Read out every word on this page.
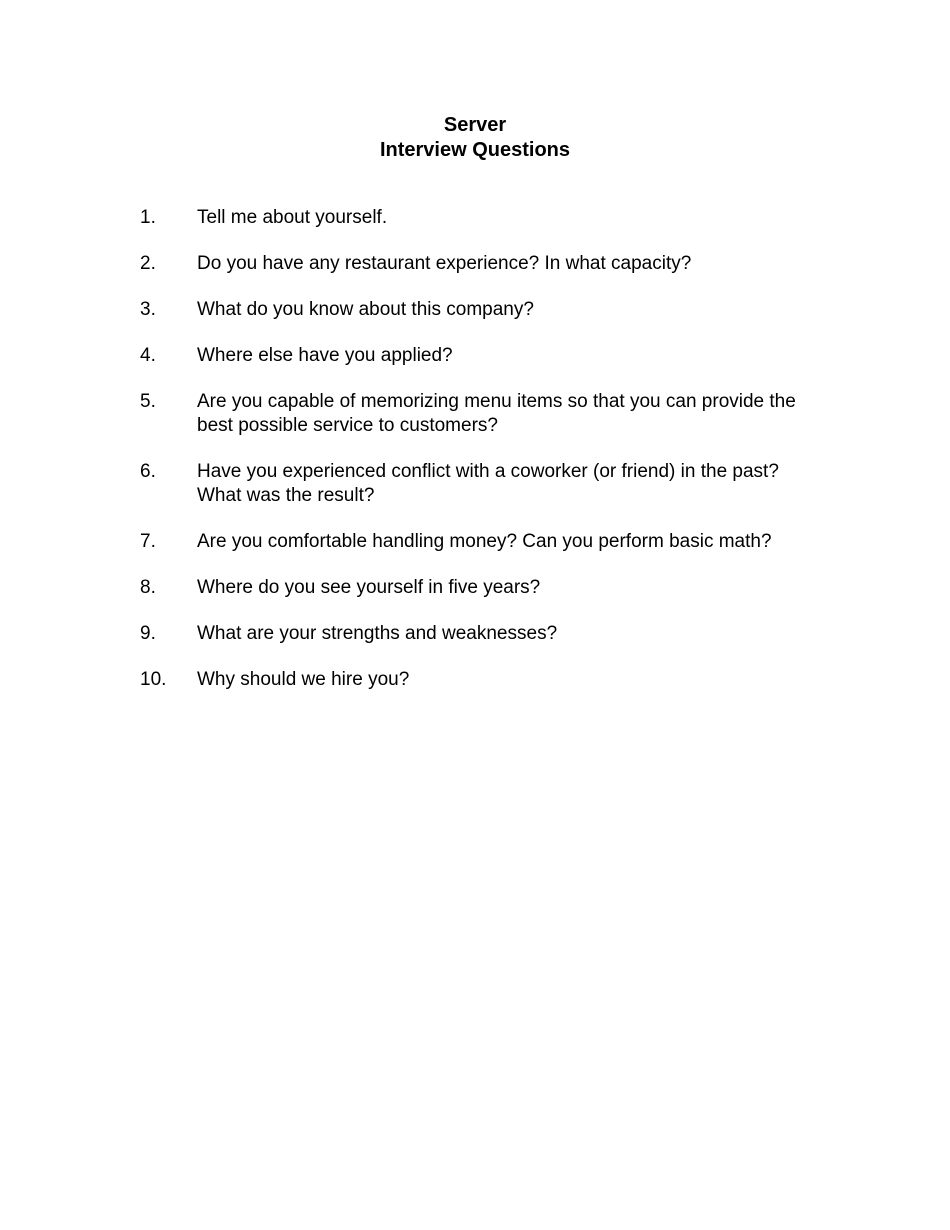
Server
Interview Questions
1.	Tell me about yourself.
2.	Do you have any restaurant experience? In what capacity?
3.	What do you know about this company?
4.	Where else have you applied?
5.	Are you capable of memorizing menu items so that you can provide the best possible service to customers?
6.	Have you experienced conflict with a coworker (or friend) in the past? What was the result?
7.	Are you comfortable handling money? Can you perform basic math?
8.	Where do you see yourself in five years?
9.	What are your strengths and weaknesses?
10.	Why should we hire you?
